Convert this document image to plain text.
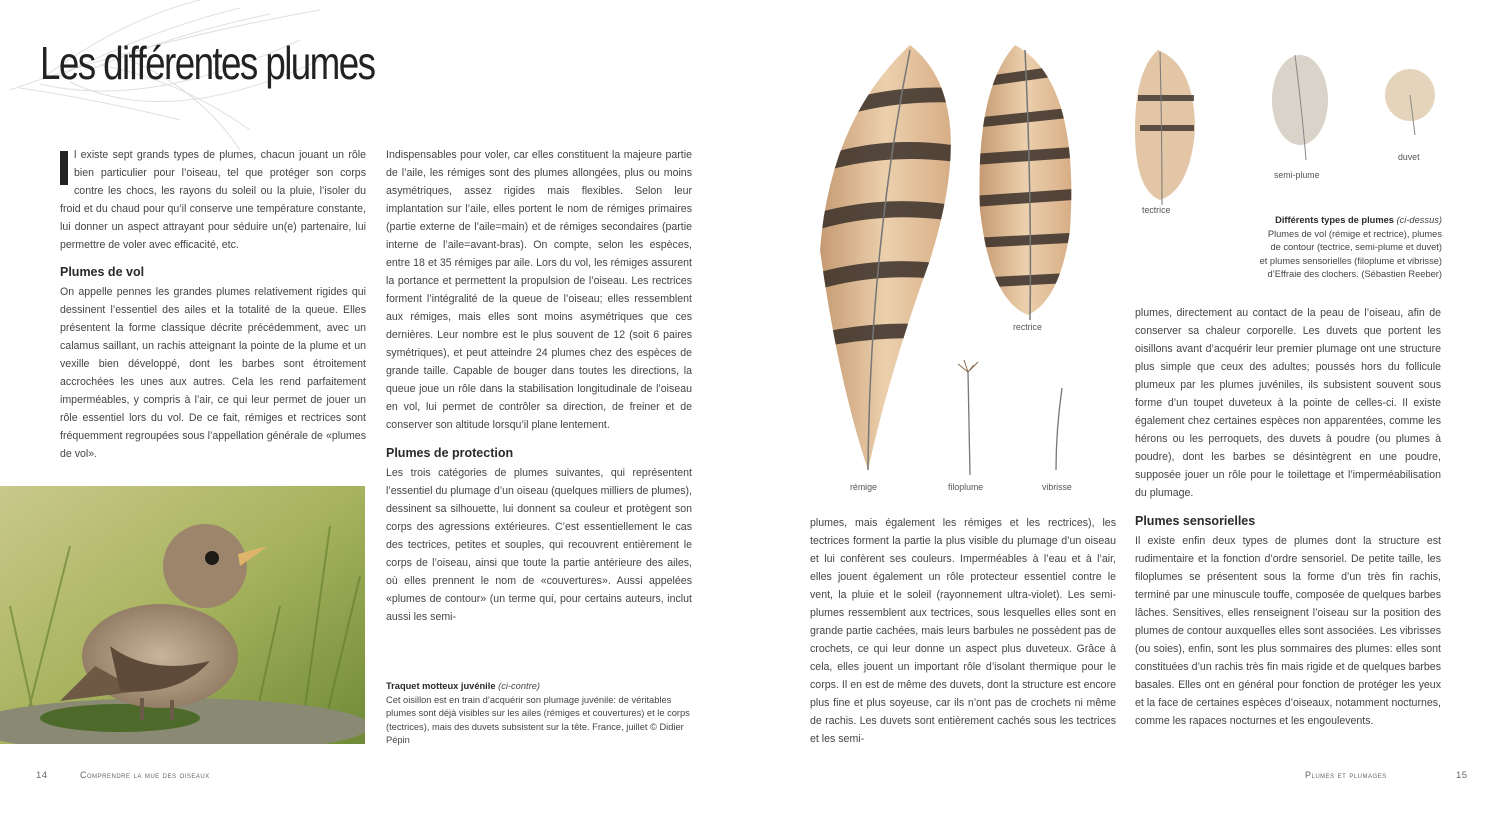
Les différentes plumes

l existe sept grands types de plumes, chacun jouant un rôle bien particulier pour l’oiseau, tel que protéger son corps contre les chocs, les rayons du soleil ou la pluie, l’isoler du froid et du chaud pour qu’il conserve une température constante, lui donner un aspect attrayant pour séduire un(e) partenaire, lui permettre de voler avec efficacité, etc.

Plumes de vol

On appelle pennes les grandes plumes relativement rigides qui dessinent l’essentiel des ailes et la totalité de la queue. Elles présentent la forme classique décrite précédemment, avec un calamus saillant, un rachis atteignant la pointe de la plume et un vexille bien développé, dont les barbes sont étroitement accrochées les unes aux autres. Cela les rend parfaitement imperméables, y compris à l’air, ce qui leur permet de jouer un rôle essentiel lors du vol. De ce fait, rémiges et rectrices sont fréquemment regroupées sous l’appellation générale de «plumes de vol».

Indispensables pour voler, car elles constituent la majeure partie de l’aile, les rémiges sont des plumes allongées, plus ou moins asymétriques, assez rigides mais flexibles. Selon leur implantation sur l’aile, elles portent le nom de rémiges primaires (partie externe de l’aile=main) et de rémiges secondaires (partie interne de l’aile=avant-bras). On compte, selon les espèces, entre 18 et 35 rémiges par aile. Lors du vol, les rémiges assurent la portance et permettent la propulsion de l’oiseau. Les rectrices forment l’intégralité de la queue de l’oiseau; elles ressemblent aux rémiges, mais elles sont moins asymétriques que ces dernières. Leur nombre est le plus souvent de 12 (soit 6 paires symétriques), et peut atteindre 24 plumes chez des espèces de grande taille. Capable de bouger dans toutes les directions, la queue joue un rôle dans la stabilisation longitudinale de l’oiseau en vol, lui permet de contrôler sa direction, de freiner et de conserver son altitude lorsqu’il plane lentement.

Plumes de protection

Les trois catégories de plumes suivantes, qui représentent l’essentiel du plumage d’un oiseau (quelques milliers de plumes), dessinent sa silhouette, lui donnent sa couleur et protègent son corps des agressions extérieures. C’est essentiellement le cas des tectrices, petites et souples, qui recouvrent entièrement le corps de l’oiseau, ainsi que toute la partie antérieure des ailes, où elles prennent le nom de «couvertures». Aussi appelées «plumes de contour» (un terme qui, pour certains auteurs, inclut aussi les semi-

Traquet motteux juvénile (ci-contre)
Cet oisillon est en train d’acquérir son plumage juvénile: de véritables plumes sont déjà visibles sur les ailes (rémiges et couvertures) et le corps (tectrices), mais des duvets subsistent sur la tête. France, juillet © Didier Pépin
14	Comprendre la mue des oiseaux
rémige
rectrice
tectrice
semi-plume
duvet
filoplume	vibrisse
Différents types de plumes (ci-dessus)
Plumes de vol (rémige et rectrice), plumes
de contour (tectrice, semi-plume et duvet)
et plumes sensorielles (filoplume et vibrisse)
d’Effraie des clochers. (Sébastien Reeber)

plumes, mais également les rémiges et les rectrices), les tectrices forment la partie la plus visible du plumage d’un oiseau et lui confèrent ses couleurs. Imperméables à l’eau et à l’air, elles jouent également un rôle protecteur essentiel contre le vent, la pluie et le soleil (rayonnement ultra-violet). Les semi-plumes ressemblent aux tectrices, sous lesquelles elles sont en grande partie cachées, mais leurs barbules ne possèdent pas de crochets, ce qui leur donne un aspect plus duveteux. Grâce à cela, elles jouent un important rôle d’isolant thermique pour le corps. Il en est de même des duvets, dont la structure est encore plus fine et plus soyeuse, car ils n’ont pas de crochets ni même de rachis. Les duvets sont entièrement cachés sous les tectrices et les semi-

plumes, directement au contact de la peau de l’oiseau, afin de conserver sa chaleur corporelle. Les duvets que portent les oisillons avant d’acquérir leur premier plumage ont une structure plus simple que ceux des adultes; poussés hors du follicule plumeux par les plumes juvéniles, ils subsistent souvent sous forme d’un toupet duveteux à la pointe de celles-ci. Il existe également chez certaines espèces non apparentées, comme les hérons ou les perroquets, des duvets à poudre (ou plumes à poudre), dont les barbes se désintègrent en une poudre, supposée jouer un rôle pour le toilettage et l’imperméabilisation du plumage.

Plumes sensorielles

Il existe enfin deux types de plumes dont la structure est rudimentaire et la fonction d’ordre sensoriel. De petite taille, les filoplumes se présentent sous la forme d’un très fin rachis, terminé par une minuscule touffe, composée de quelques barbes lâches. Sensitives, elles renseignent l’oiseau sur la position des plumes de contour auxquelles elles sont associées. Les vibrisses (ou soies), enfin, sont les plus sommaires des plumes: elles sont constituées d’un rachis très fin mais rigide et de quelques barbes basales. Elles ont en général pour fonction de protéger les yeux et la face de certaines espèces d’oiseaux, notamment nocturnes, comme les rapaces nocturnes et les engoulevents.

Plumes et plumages	15
